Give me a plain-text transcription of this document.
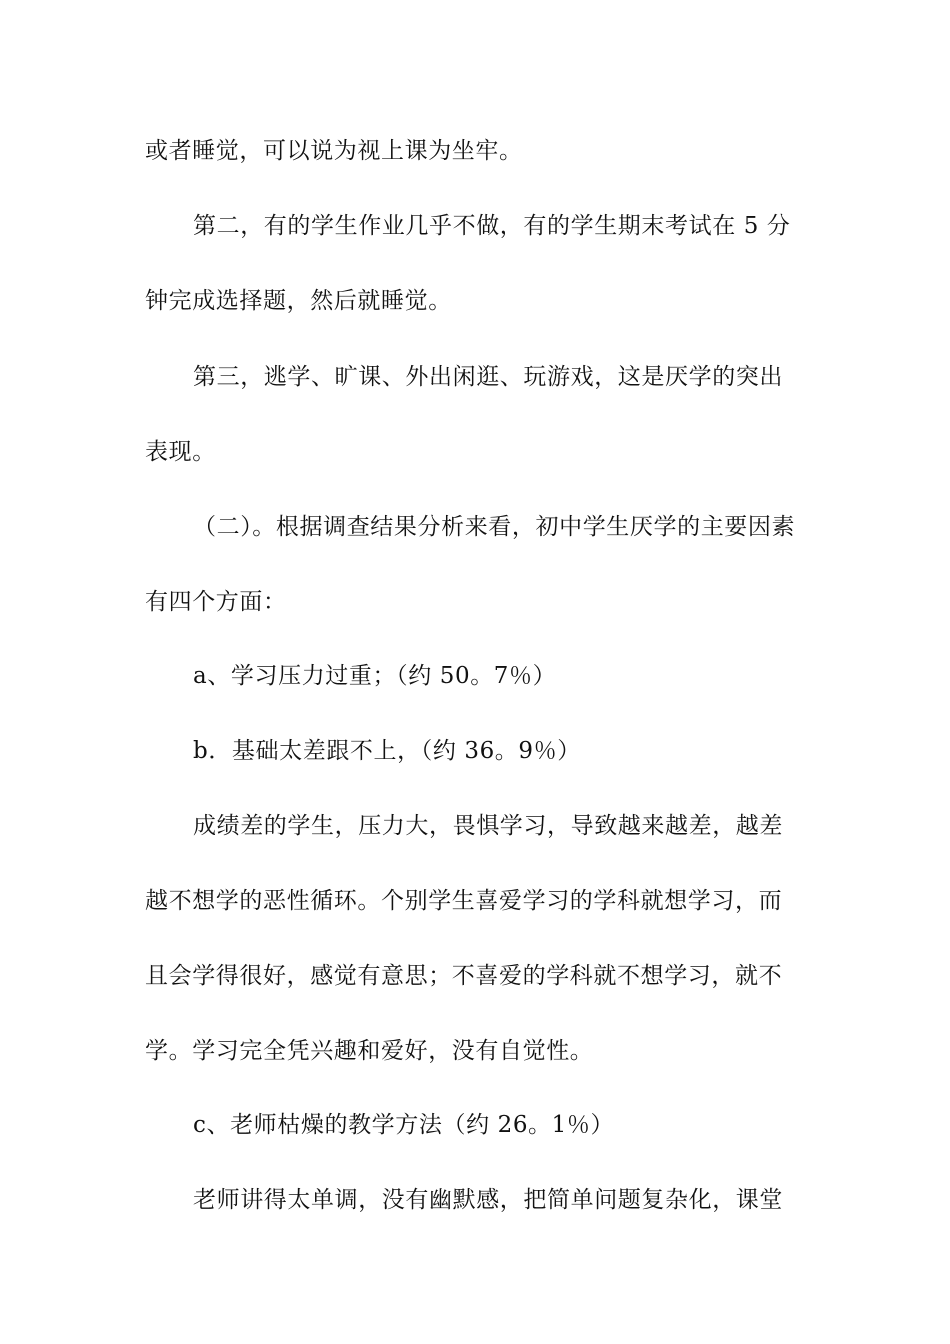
或者睡觉，可以说为视上课为坐牢。
第二，有的学生作业几乎不做，有的学生期末考试在 5 分
钟完成选择题，然后就睡觉。
第三，逃学、旷课、外出闲逛、玩游戏，这是厌学的突出
表现。
（二）。根据调查结果分析来看，初中学生厌学的主要因素
有四个方面：
a、学习压力过重；（约 50。7％）
b．基础太差跟不上，（约 36。9％）
成绩差的学生，压力大，畏惧学习，导致越来越差，越差
越不想学的恶性循环。个别学生喜爱学习的学科就想学习，而
且会学得很好，感觉有意思；不喜爱的学科就不想学习，就不
学。学习完全凭兴趣和爱好，没有自觉性。
c、老师枯燥的教学方法（约 26。1％）
老师讲得太单调，没有幽默感，把简单问题复杂化，课堂
